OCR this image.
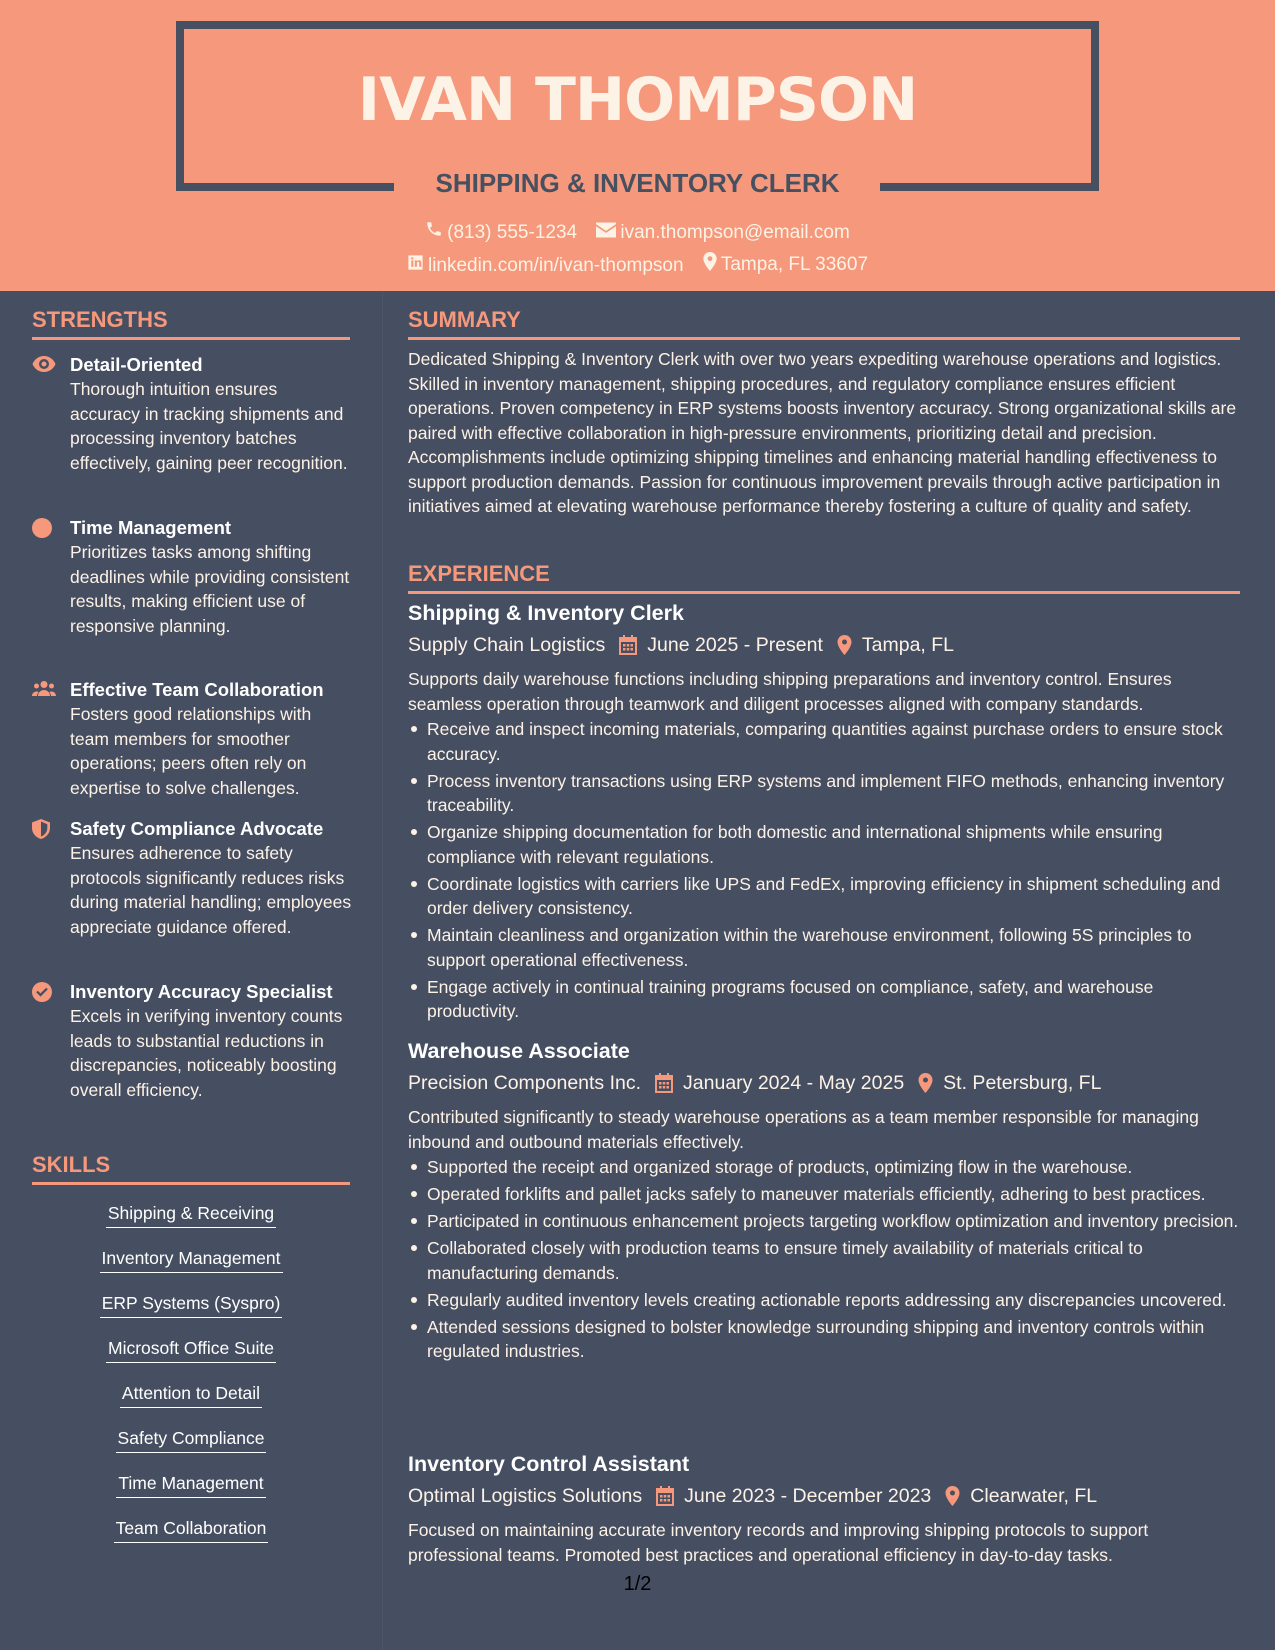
IVAN THOMPSON
SHIPPING & INVENTORY CLERK
(813) 555-1234
ivan.thompson@email.com
linkedin.com/in/ivan-thompson
Tampa, FL 33607
STRENGTHS
Detail-Oriented
Thorough intuition ensures accuracy in tracking shipments and processing inventory batches effectively, gaining peer recognition.
Time Management
Prioritizes tasks among shifting deadlines while providing consistent results, making efficient use of responsive planning.
Effective Team Collaboration
Fosters good relationships with team members for smoother operations; peers often rely on expertise to solve challenges.
Safety Compliance Advocate
Ensures adherence to safety protocols significantly reduces risks during material handling; employees appreciate guidance offered.
Inventory Accuracy Specialist
Excels in verifying inventory counts leads to substantial reductions in discrepancies, noticeably boosting overall efficiency.
SKILLS
Shipping & Receiving
Inventory Management
ERP Systems (Syspro)
Microsoft Office Suite
Attention to Detail
Safety Compliance
Time Management
Team Collaboration
SUMMARY
Dedicated Shipping & Inventory Clerk with over two years expediting warehouse operations and logistics. Skilled in inventory management, shipping procedures, and regulatory compliance ensures efficient operations. Proven competency in ERP systems boosts inventory accuracy. Strong organizational skills are paired with effective collaboration in high-pressure environments, prioritizing detail and precision. Accomplishments include optimizing shipping timelines and enhancing material handling effectiveness to support production demands. Passion for continuous improvement prevails through active participation in initiatives aimed at elevating warehouse performance thereby fostering a culture of quality and safety.
EXPERIENCE
Shipping & Inventory Clerk
Supply Chain Logistics June 2025 - Present Tampa, FL
Supports daily warehouse functions including shipping preparations and inventory control. Ensures seamless operation through teamwork and diligent processes aligned with company standards.
Receive and inspect incoming materials, comparing quantities against purchase orders to ensure stock accuracy.
Process inventory transactions using ERP systems and implement FIFO methods, enhancing inventory traceability.
Organize shipping documentation for both domestic and international shipments while ensuring compliance with relevant regulations.
Coordinate logistics with carriers like UPS and FedEx, improving efficiency in shipment scheduling and order delivery consistency.
Maintain cleanliness and organization within the warehouse environment, following 5S principles to support operational effectiveness.
Engage actively in continual training programs focused on compliance, safety, and warehouse productivity.
Warehouse Associate
Precision Components Inc. January 2024 - May 2025 St. Petersburg, FL
Contributed significantly to steady warehouse operations as a team member responsible for managing inbound and outbound materials effectively.
Supported the receipt and organized storage of products, optimizing flow in the warehouse.
Operated forklifts and pallet jacks safely to maneuver materials efficiently, adhering to best practices.
Participated in continuous enhancement projects targeting workflow optimization and inventory precision.
Collaborated closely with production teams to ensure timely availability of materials critical to manufacturing demands.
Regularly audited inventory levels creating actionable reports addressing any discrepancies uncovered.
Attended sessions designed to bolster knowledge surrounding shipping and inventory controls within regulated industries.
Inventory Control Assistant
Optimal Logistics Solutions June 2023 - December 2023 Clearwater, FL
Focused on maintaining accurate inventory records and improving shipping protocols to support professional teams. Promoted best practices and operational efficiency in day-to-day tasks.
1/2
